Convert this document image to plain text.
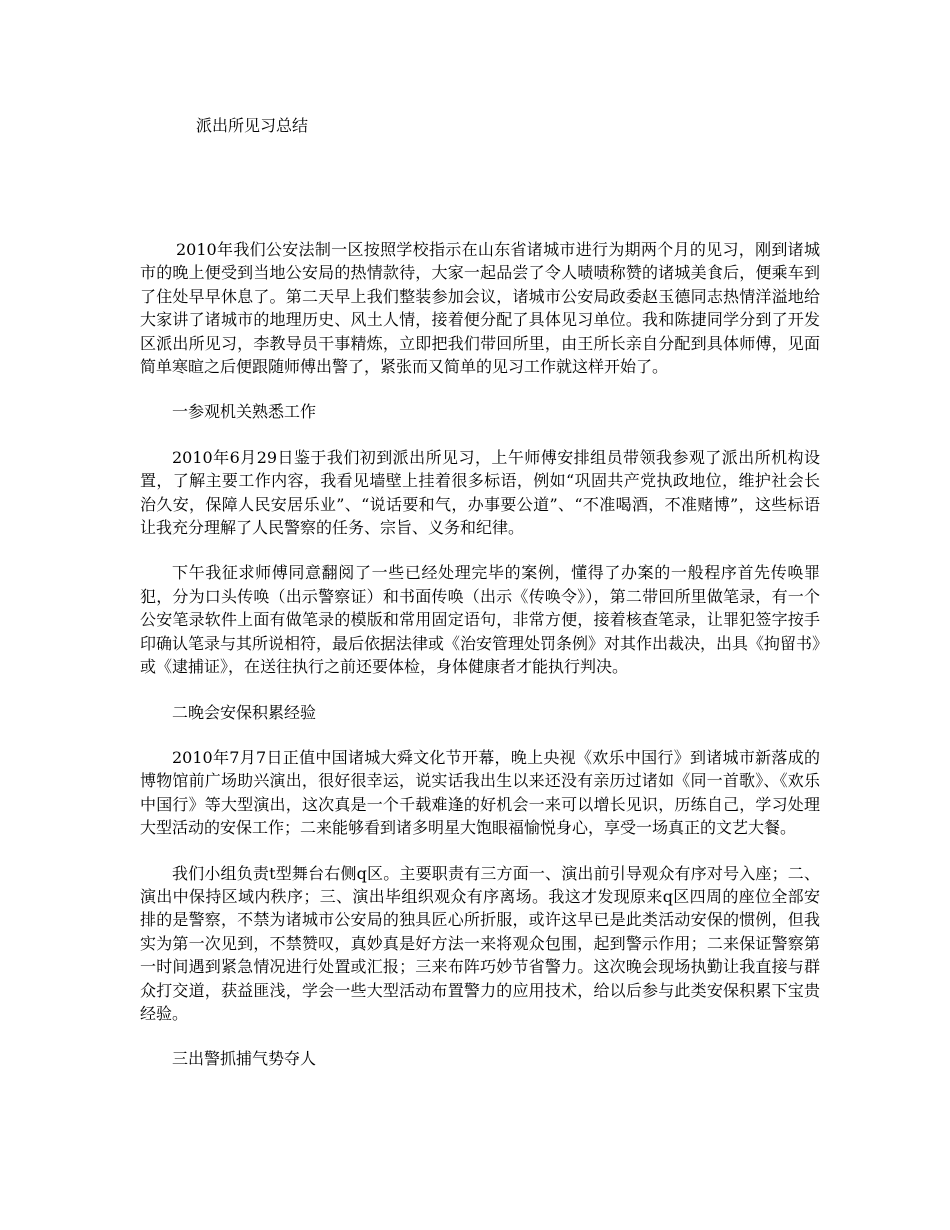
派出所见习总结

2010年我们公安法制一区按照学校指示在山东省诸城市进行为期两个月的见习，刚到诸城市的晚上便受到当地公安局的热情款待，大家一起品尝了令人啧啧称赞的诸城美食后，便乘车到了住处早早休息了。第二天早上我们整装参加会议，诸城市公安局政委赵玉德同志热情洋溢地给大家讲了诸城市的地理历史、风土人情，接着便分配了具体见习单位。我和陈捷同学分到了开发区派出所见习，李教导员干事精炼，立即把我们带回所里，由王所长亲自分配到具体师傅，见面简单寒暄之后便跟随师傅出警了，紧张而又简单的见习工作就这样开始了。

一参观机关熟悉工作

2010年6月29日鉴于我们初到派出所见习，上午师傅安排组员带领我参观了派出所机构设置，了解主要工作内容，我看见墙壁上挂着很多标语，例如“巩固共产党执政地位，维护社会长治久安，保障人民安居乐业”、“说话要和气，办事要公道”、“不准喝酒，不准赌博”，这些标语让我充分理解了人民警察的任务、宗旨、义务和纪律。

下午我征求师傅同意翻阅了一些已经处理完毕的案例，懂得了办案的一般程序首先传唤罪犯，分为口头传唤（出示警察证）和书面传唤（出示《传唤令》），第二带回所里做笔录，有一个公安笔录软件上面有做笔录的模版和常用固定语句，非常方便，接着核查笔录，让罪犯签字按手印确认笔录与其所说相符，最后依据法律或《治安管理处罚条例》对其作出裁决，出具《拘留书》或《逮捕证》，在送往执行之前还要体检，身体健康者才能执行判决。

二晚会安保积累经验

2010年7月7日正值中国诸城大舜文化节开幕，晚上央视《欢乐中国行》到诸城市新落成的博物馆前广场助兴演出，很好很幸运，说实话我出生以来还没有亲历过诸如《同一首歌》、《欢乐中国行》等大型演出，这次真是一个千载难逢的好机会一来可以增长见识，历练自己，学习处理大型活动的安保工作；二来能够看到诸多明星大饱眼福愉悦身心，享受一场真正的文艺大餐。

我们小组负责t型舞台右侧q区。主要职责有三方面一、演出前引导观众有序对号入座；二、演出中保持区域内秩序；三、演出毕组织观众有序离场。我这才发现原来q区四周的座位全部安排的是警察，不禁为诸城市公安局的独具匠心所折服，或许这早已是此类活动安保的惯例，但我实为第一次见到，不禁赞叹，真妙真是好方法一来将观众包围，起到警示作用；二来保证警察第一时间遇到紧急情况进行处置或汇报；三来布阵巧妙节省警力。这次晚会现场执勤让我直接与群众打交道，获益匪浅，学会一些大型活动布置警力的应用技术，给以后参与此类安保积累下宝贵经验。

三出警抓捕气势夺人
